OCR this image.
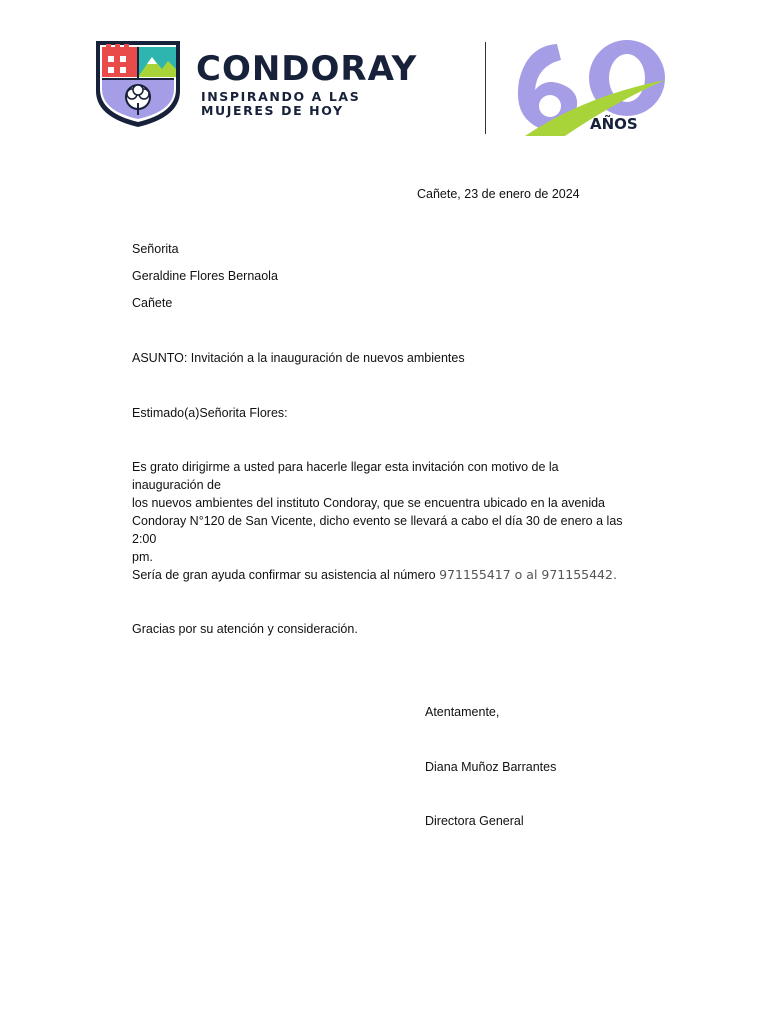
CONDORAY
INSPIRANDO A LAS
MUJERES DE HOY
AÑOS
Cañete, 23 de enero de 2024
Señorita
Geraldine Flores Bernaola
Cañete
ASUNTO: Invitación a la inauguración de nuevos ambientes
Estimado(a)Señorita Flores:
Es grato dirigirme a usted para hacerle llegar esta invitación con motivo de la inauguración de
los nuevos ambientes del instituto Condoray, que se encuentra ubicado en la avenida
Condoray N°120 de San Vicente, dicho evento se llevará a cabo el día 30 de enero a las 2:00
pm.
Sería de gran ayuda confirmar su asistencia al número 971155417 o al 971155442.
Gracias por su atención y consideración.
Atentamente,
Diana Muñoz Barrantes
Directora General
